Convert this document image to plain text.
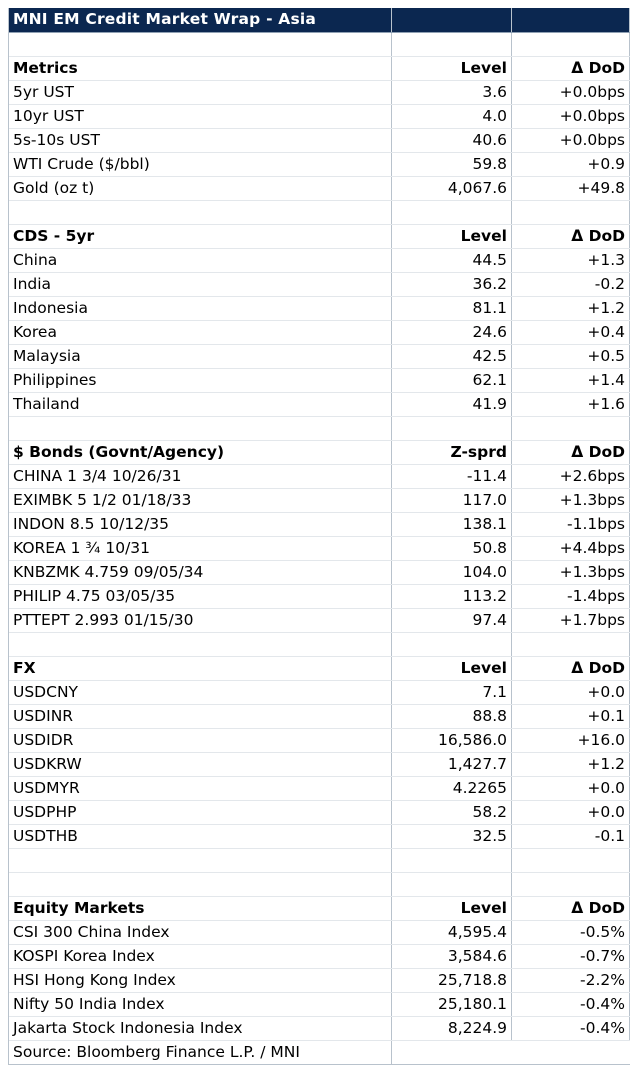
MNI EM Credit Market Wrap - Asia
Metrics	Level	Δ DoD
5yr UST	3.6	+0.0bps
10yr UST	4.0	+0.0bps
5s-10s UST	40.6	+0.0bps
WTI Crude ($/bbl)	59.8	+0.9
Gold (oz t)	4,067.6	+49.8
CDS - 5yr	Level	Δ DoD
China	44.5	+1.3
India	36.2	-0.2
Indonesia	81.1	+1.2
Korea	24.6	+0.4
Malaysia	42.5	+0.5
Philippines	62.1	+1.4
Thailand	41.9	+1.6
$ Bonds (Govnt/Agency)	Z-sprd	Δ DoD
CHINA 1 3/4 10/26/31	-11.4	+2.6bps
EXIMBK 5 1/2 01/18/33	117.0	+1.3bps
INDON 8.5 10/12/35	138.1	-1.1bps
KOREA 1 ¾ 10/31	50.8	+4.4bps
KNBZMK 4.759 09/05/34	104.0	+1.3bps
PHILIP 4.75 03/05/35	113.2	-1.4bps
PTTEPT 2.993 01/15/30	97.4	+1.7bps
FX	Level	Δ DoD
USDCNY	7.1	+0.0
USDINR	88.8	+0.1
USDIDR	16,586.0	+16.0
USDKRW	1,427.7	+1.2
USDMYR	4.2265	+0.0
USDPHP	58.2	+0.0
USDTHB	32.5	-0.1
Equity Markets	Level	Δ DoD
CSI 300 China Index	4,595.4	-0.5%
KOSPI Korea Index	3,584.6	-0.7%
HSI Hong Kong Index	25,718.8	-2.2%
Nifty 50 India Index	25,180.1	-0.4%
Jakarta Stock Indonesia Index	8,224.9	-0.4%
Source: Bloomberg Finance L.P. / MNI
